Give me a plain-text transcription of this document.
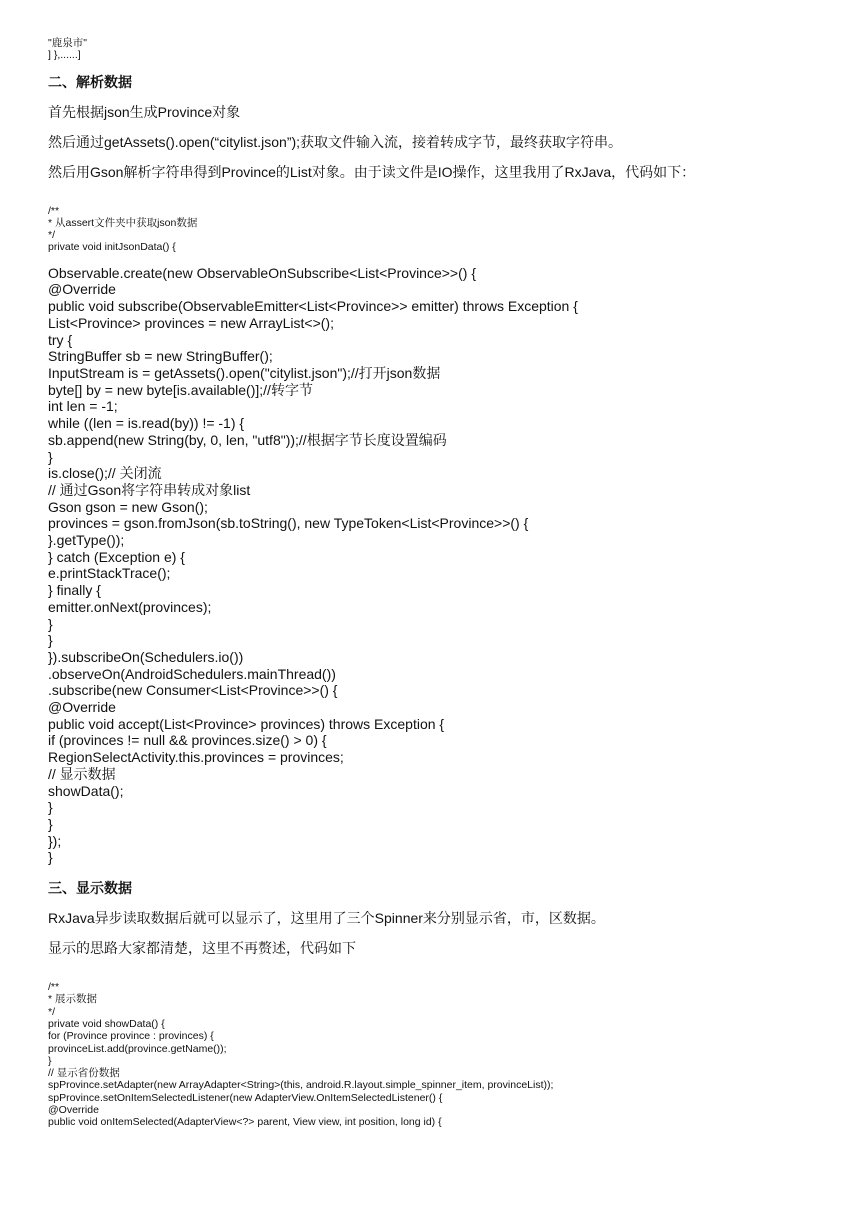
"鹿泉市"
] },......]
二、解析数据
首先根据json生成Province对象
然后通过getAssets().open(“citylist.json”);获取文件输入流，接着转成字节，最终获取字符串。
然后用Gson解析字符串得到Province的List对象。由于读文件是IO操作，这里我用了RxJava，代码如下：
/**
* 从assert文件夹中获取json数据
*/
private void initJsonData() {
Observable.create(new ObservableOnSubscribe<List<Province>>() {
@Override
public void subscribe(ObservableEmitter<List<Province>> emitter) throws Exception {
List<Province> provinces = new ArrayList<>();
try {
StringBuffer sb = new StringBuffer();
InputStream is = getAssets().open("citylist.json");//打开json数据
byte[] by = new byte[is.available()];//转字节
int len = -1;
while ((len = is.read(by)) != -1) {
sb.append(new String(by, 0, len, "utf8"));//根据字节长度设置编码
}
is.close();// 关闭流
// 通过Gson将字符串转成对象list
Gson gson = new Gson();
provinces = gson.fromJson(sb.toString(), new TypeToken<List<Province>>() {
}.getType());
} catch (Exception e) {
e.printStackTrace();
} finally {
emitter.onNext(provinces);
}
}
}).subscribeOn(Schedulers.io())
.observeOn(AndroidSchedulers.mainThread())
.subscribe(new Consumer<List<Province>>() {
@Override
public void accept(List<Province> provinces) throws Exception {
if (provinces != null && provinces.size() > 0) {
RegionSelectActivity.this.provinces = provinces;
// 显示数据
showData();
}
}
});
}
三、显示数据
RxJava异步读取数据后就可以显示了，这里用了三个Spinner来分别显示省，市，区数据。
显示的思路大家都清楚，这里不再赘述，代码如下
/**
* 展示数据
*/
private void showData() {
for (Province province : provinces) {
provinceList.add(province.getName());
}
// 显示省份数据
spProvince.setAdapter(new ArrayAdapter<String>(this, android.R.layout.simple_spinner_item, provinceList));
spProvince.setOnItemSelectedListener(new AdapterView.OnItemSelectedListener() {
@Override
public void onItemSelected(AdapterView<?> parent, View view, int position, long id) {
